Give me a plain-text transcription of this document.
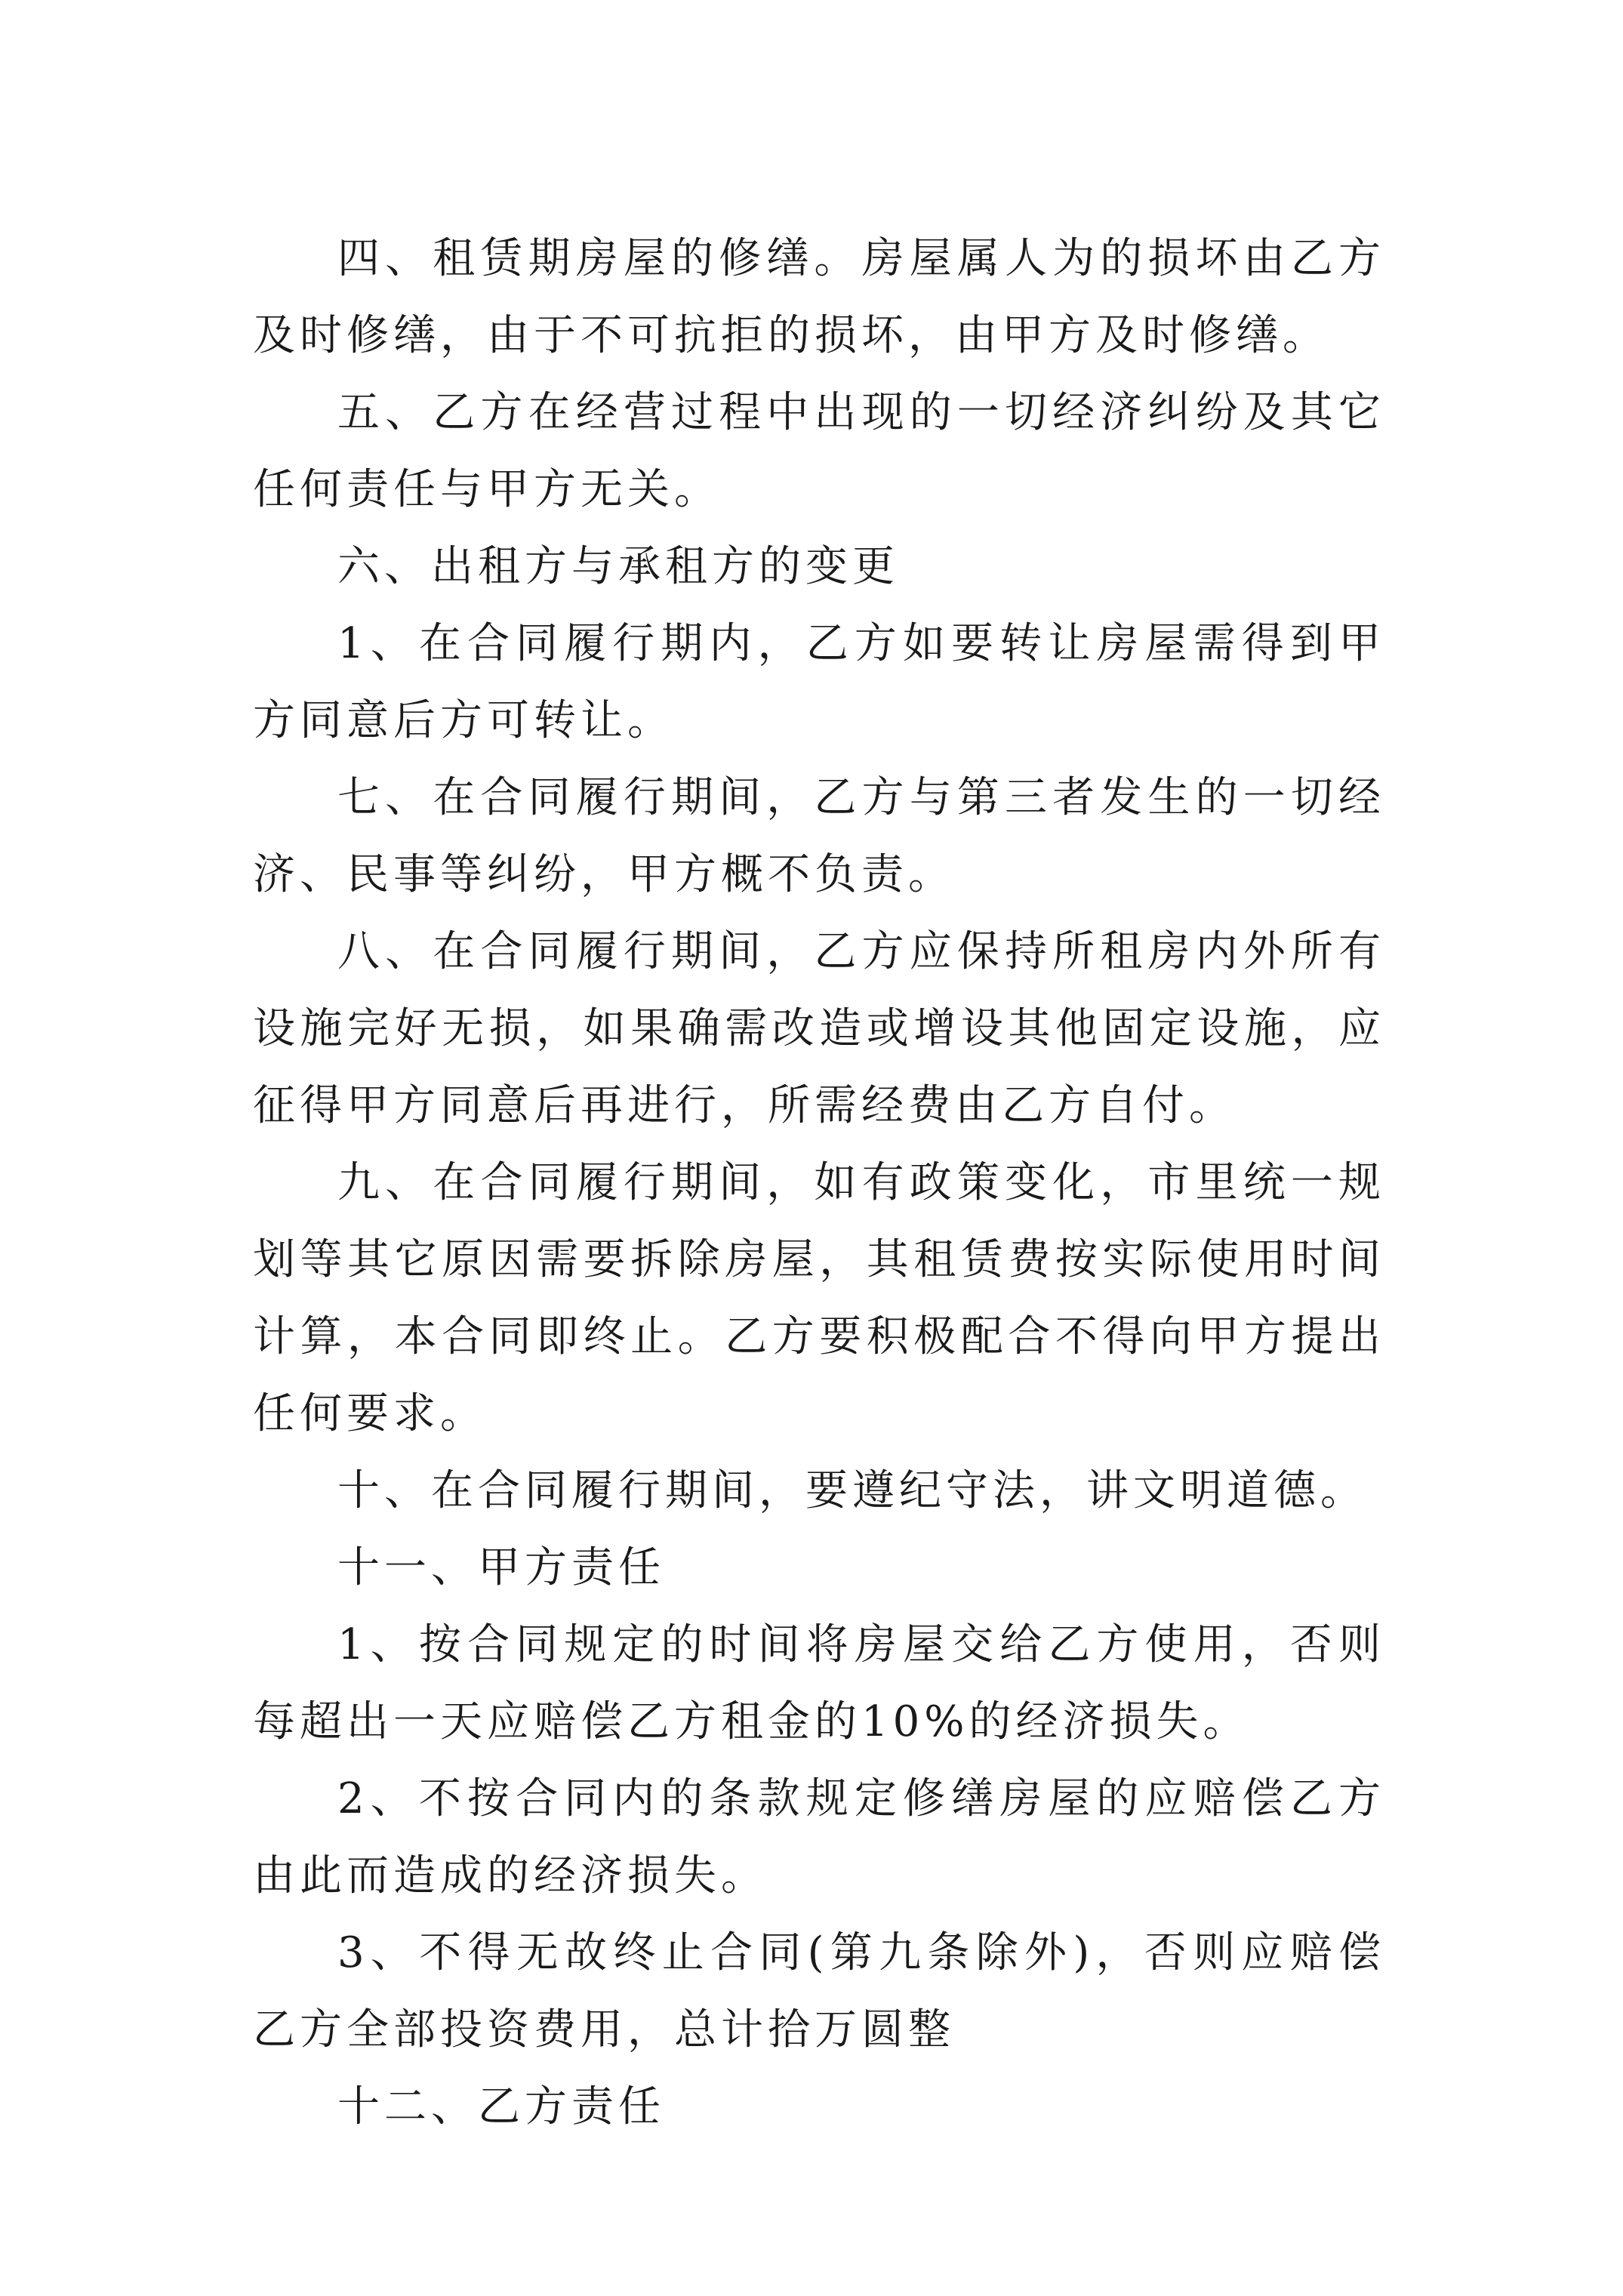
四、租赁期房屋的修缮。房屋属人为的损坏由乙方及时修缮，由于不可抗拒的损坏，由甲方及时修缮。

五、乙方在经营过程中出现的一切经济纠纷及其它任何责任与甲方无关。

六、出租方与承租方的变更

1、在合同履行期内，乙方如要转让房屋需得到甲方同意后方可转让。

七、在合同履行期间，乙方与第三者发生的一切经济、民事等纠纷，甲方概不负责。

八、在合同履行期间，乙方应保持所租房内外所有设施完好无损，如果确需改造或增设其他固定设施，应征得甲方同意后再进行，所需经费由乙方自付。

九、在合同履行期间，如有政策变化，市里统一规划等其它原因需要拆除房屋，其租赁费按实际使用时间计算，本合同即终止。乙方要积极配合不得向甲方提出任何要求。

十、在合同履行期间，要遵纪守法，讲文明道德。

十一、甲方责任

1、按合同规定的时间将房屋交给乙方使用，否则每超出一天应赔偿乙方租金的10%的经济损失。

2、不按合同内的条款规定修缮房屋的应赔偿乙方由此而造成的经济损失。

3、不得无故终止合同(第九条除外)，否则应赔偿乙方全部投资费用，总计拾万圆整

十二、乙方责任
